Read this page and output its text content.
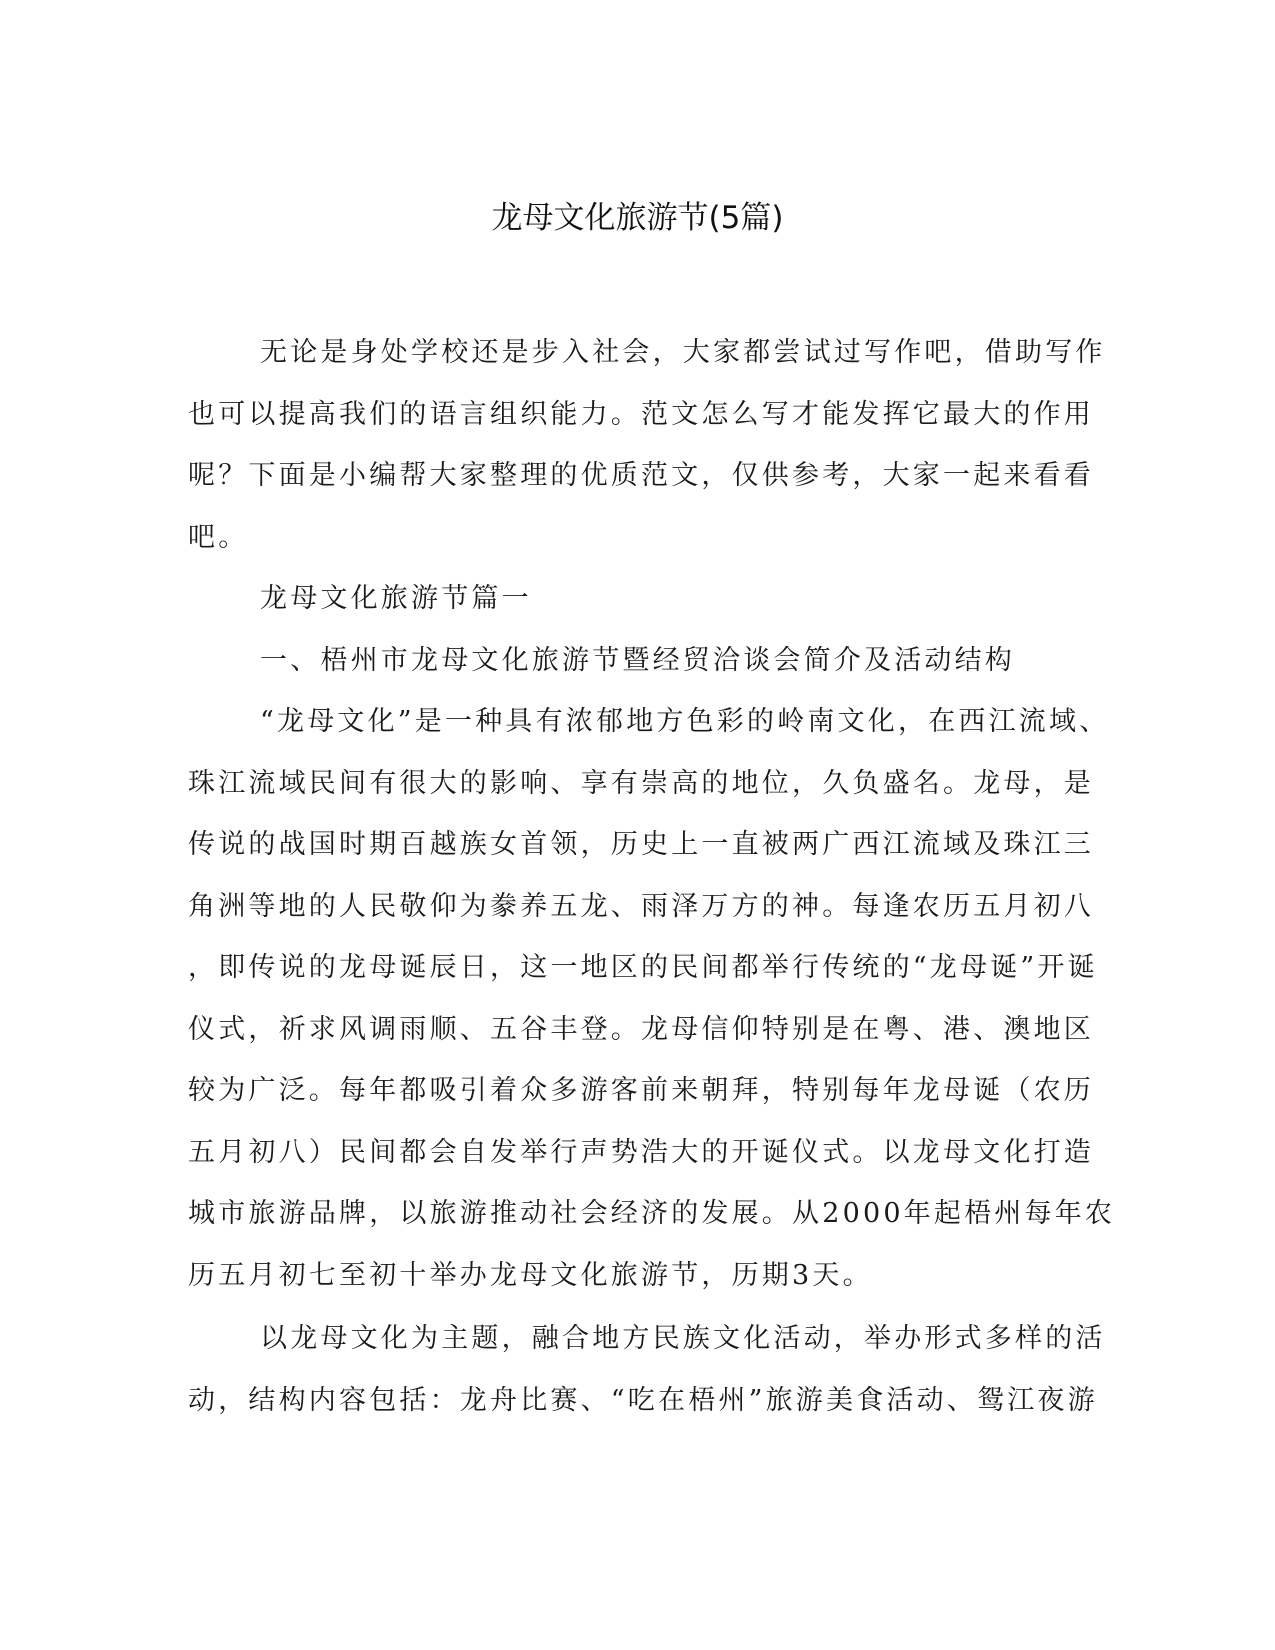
龙母文化旅游节(5篇)

无论是身处学校还是步入社会，大家都尝试过写作吧，借助写作
也可以提高我们的语言组织能力。范文怎么写才能发挥它最大的作用
呢？下面是小编帮大家整理的优质范文，仅供参考，大家一起来看看
吧。

龙母文化旅游节篇一

一、梧州市龙母文化旅游节暨经贸洽谈会简介及活动结构

“龙母文化”是一种具有浓郁地方色彩的岭南文化，在西江流域、
珠江流域民间有很大的影响、享有崇高的地位，久负盛名。龙母，是
传说的战国时期百越族女首领，历史上一直被两广西江流域及珠江三
角洲等地的人民敬仰为豢养五龙、雨泽万方的神。每逢农历五月初八
，即传说的龙母诞辰日，这一地区的民间都举行传统的“龙母诞”开诞
仪式，祈求风调雨顺、五谷丰登。龙母信仰特别是在粤、港、澳地区
较为广泛。每年都吸引着众多游客前来朝拜，特别每年龙母诞（农历
五月初八）民间都会自发举行声势浩大的开诞仪式。以龙母文化打造
城市旅游品牌，以旅游推动社会经济的发展。从2000年起梧州每年农
历五月初七至初十举办龙母文化旅游节，历期3天。

以龙母文化为主题，融合地方民族文化活动，举办形式多样的活
动，结构内容包括：龙舟比赛、“吃在梧州”旅游美食活动、鸳江夜游
